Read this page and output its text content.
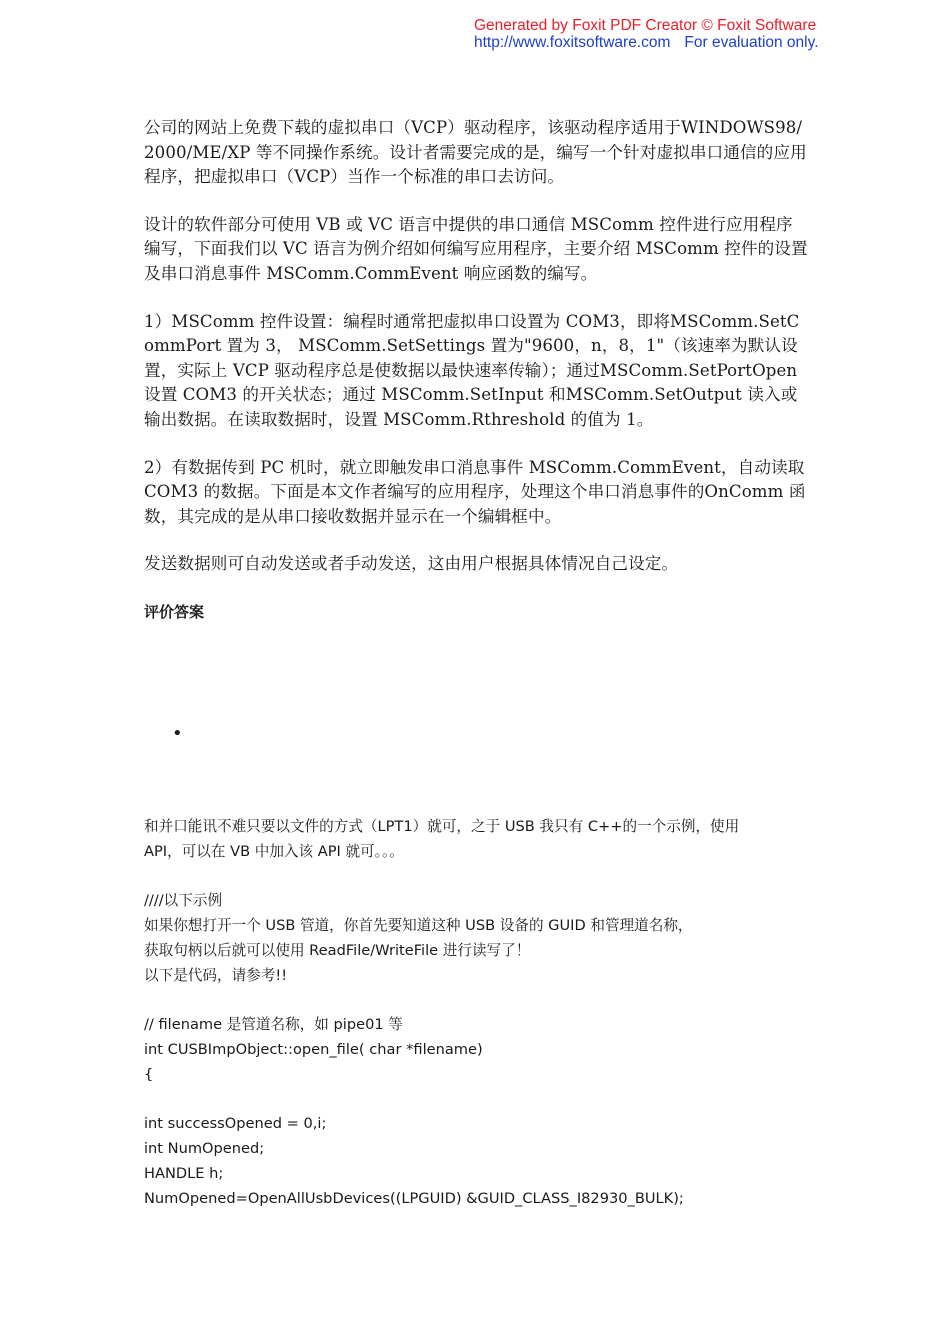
Generated by Foxit PDF Creator © Foxit Software
http://www.foxitsoftware.com For evaluation only.

公司的网站上免费下载的虚拟串口（VCP）驱动程序，该驱动程序适用于WINDOWS98/2000/ME/XP 等不同操作系统。设计者需要完成的是，编写一个针对虚拟串口通信的应用程序，把虚拟串口（VCP）当作一个标准的串口去访问。

设计的软件部分可使用 VB 或 VC 语言中提供的串口通信 MSComm 控件进行应用程序编写，下面我们以 VC 语言为例介绍如何编写应用程序，主要介绍 MSComm 控件的设置及串口消息事件 MSComm.CommEvent 响应函数的编写。

1）MSComm 控件设置：编程时通常把虚拟串口设置为 COM3，即将MSComm.SetCommPort 置为 3， MSComm.SetSettings 置为"9600，n，8，1"（该速率为默认设置，实际上 VCP 驱动程序总是使数据以最快速率传输）；通过MSComm.SetPortOpen 设置 COM3 的开关状态；通过 MSComm.SetInput 和MSComm.SetOutput 读入或输出数据。在读取数据时，设置 MSComm.Rthreshold 的值为 1。

2）有数据传到 PC 机时，就立即触发串口消息事件 MSComm.CommEvent，自动读取 COM3 的数据。下面是本文作者编写的应用程序，处理这个串口消息事件的OnComm 函数，其完成的是从串口接收数据并显示在一个编辑框中。

发送数据则可自动发送或者手动发送，这由用户根据具体情况自己设定。

评价答案

•

和并口能讯不难只要以文件的方式（LPT1）就可，之于 USB 我只有 C++的一个示例，使用

API，可以在 VB 中加入该 API 就可。。。

////以下示例

如果你想打开一个 USB 管道，你首先要知道这种 USB 设备的 GUID 和管理道名称，

获取句柄以后就可以使用 ReadFile/WriteFile 进行读写了！

以下是代码，请参考!!

// filename 是管道名称，如 pipe01 等

int CUSBImpObject::open_file( char *filename)

{

int successOpened = 0,i;

int NumOpened;

HANDLE h;

NumOpened=OpenAllUsbDevices((LPGUID) &GUID_CLASS_I82930_BULK);
